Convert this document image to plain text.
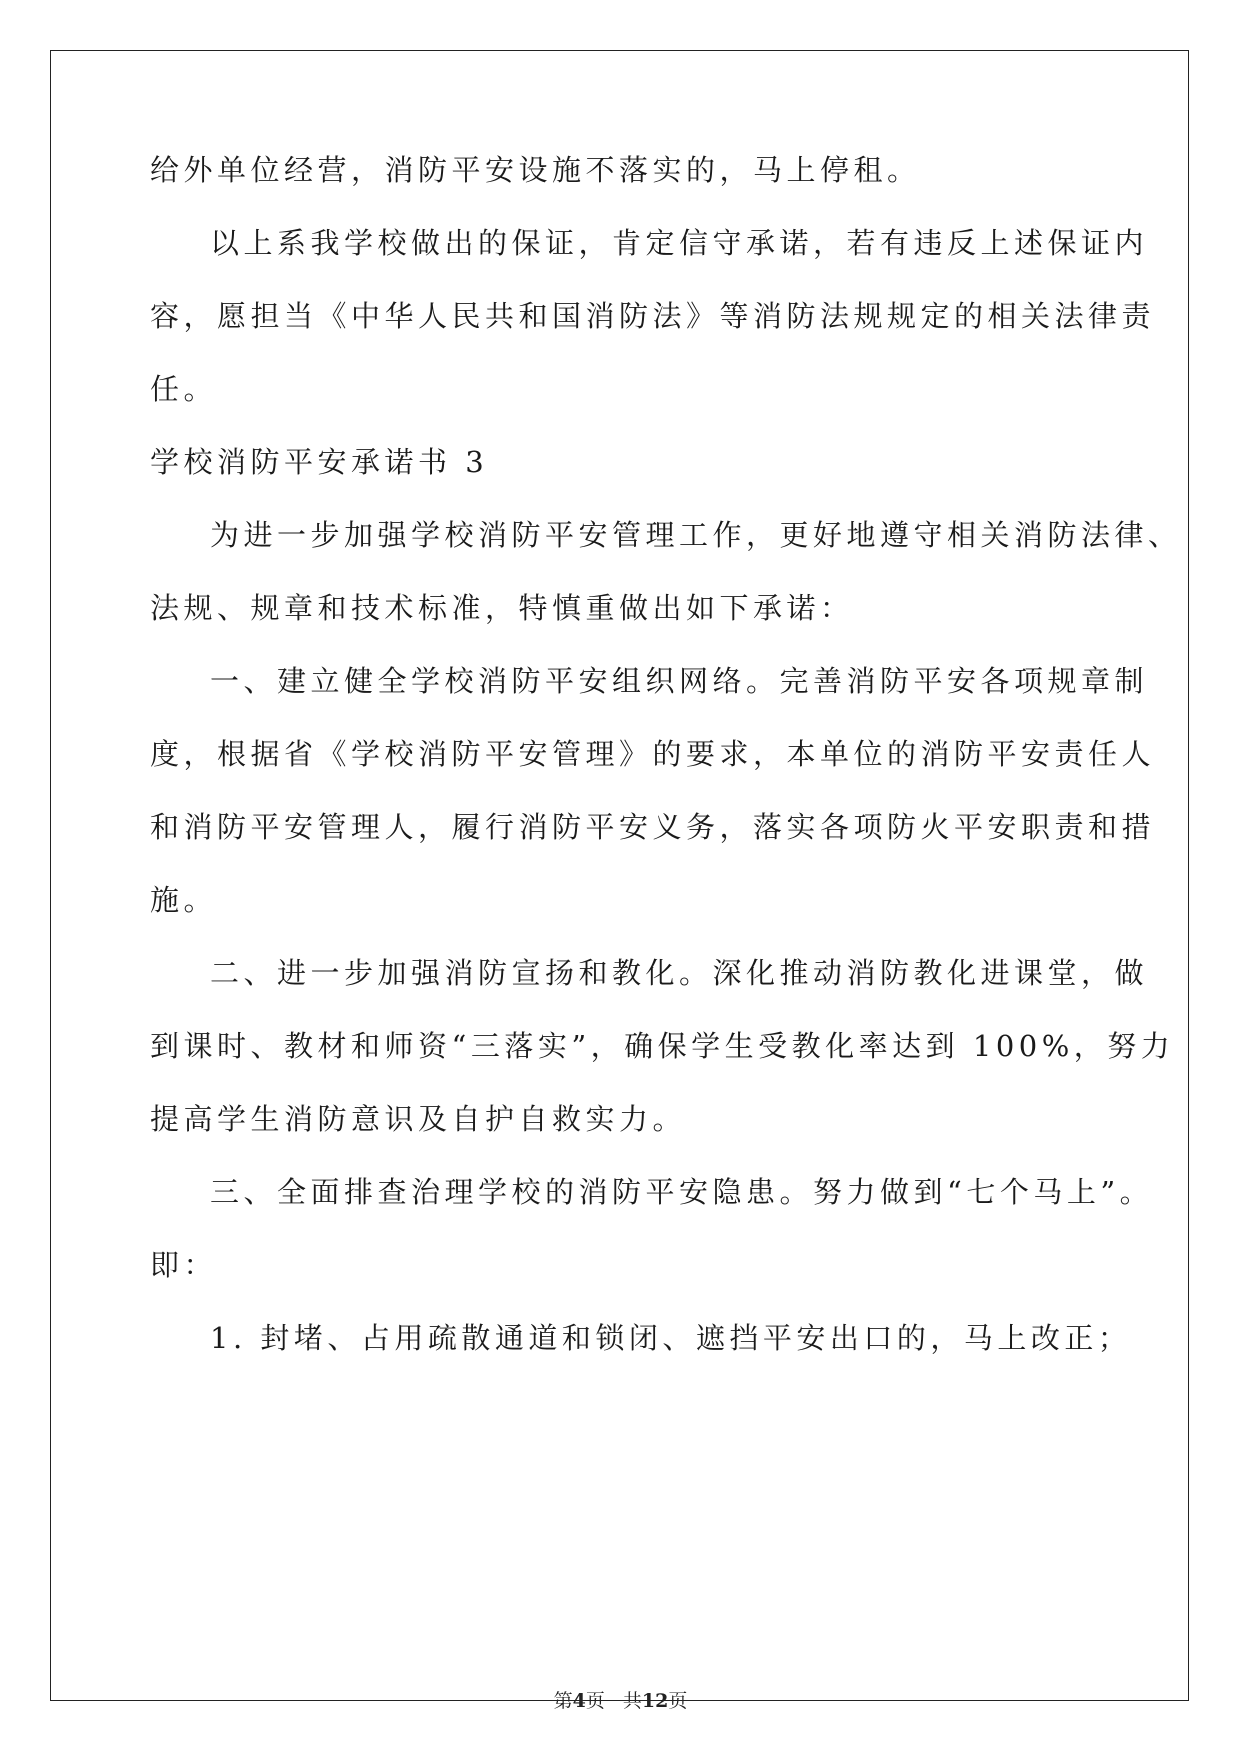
给外单位经营，消防平安设施不落实的，马上停租。
以上系我学校做出的保证，肯定信守承诺，若有违反上述保证内
容，愿担当《中华人民共和国消防法》等消防法规规定的相关法律责
任。
学校消防平安承诺书 3
为进一步加强学校消防平安管理工作，更好地遵守相关消防法律、
法规、规章和技术标准，特慎重做出如下承诺：
一、建立健全学校消防平安组织网络。完善消防平安各项规章制
度，根据省《学校消防平安管理》的要求，本单位的消防平安责任人
和消防平安管理人，履行消防平安义务，落实各项防火平安职责和措
施。
二、进一步加强消防宣扬和教化。深化推动消防教化进课堂，做
到课时、教材和师资“三落实”，确保学生受教化率达到 100%，努力
提高学生消防意识及自护自救实力。
三、全面排查治理学校的消防平安隐患。努力做到“七个马上”。
即：
1. 封堵、占用疏散通道和锁闭、遮挡平安出口的，马上改正；
第4页 共12页
